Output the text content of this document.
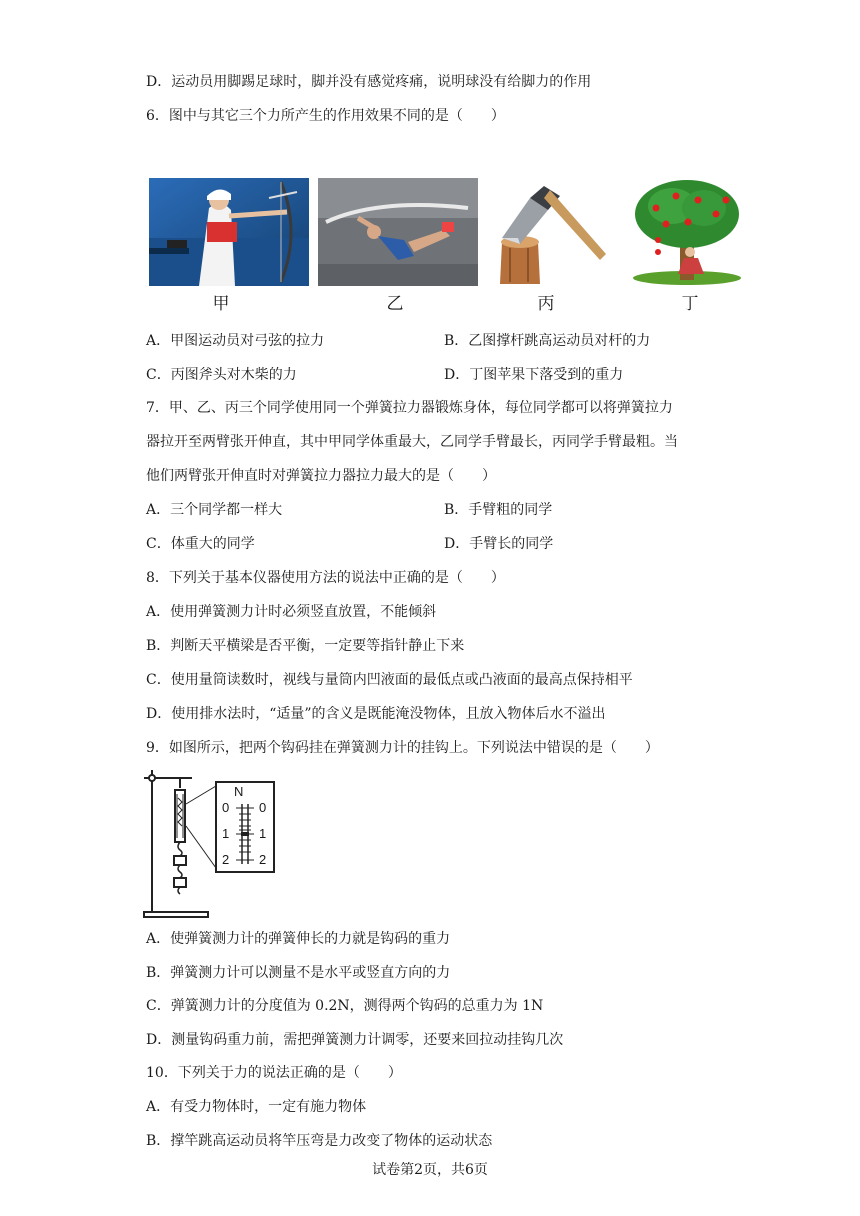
D．运动员用脚踢足球时，脚并没有感觉疼痛，说明球没有给脚力的作用
6．图中与其它三个力所产生的作用效果不同的是（　　）
甲	乙	丙	丁
A．甲图运动员对弓弦的拉力	B．乙图撑杆跳高运动员对杆的力
C．丙图斧头对木柴的力	D．丁图苹果下落受到的重力
7．甲、乙、丙三个同学使用同一个弹簧拉力器锻炼身体，每位同学都可以将弹簧拉力
器拉开至两臂张开伸直，其中甲同学体重最大，乙同学手臂最长，丙同学手臂最粗。当
他们两臂张开伸直时对弹簧拉力器拉力最大的是（　　）
A．三个同学都一样大	B．手臂粗的同学
C．体重大的同学	D．手臂长的同学
8．下列关于基本仪器使用方法的说法中正确的是（　　）
A．使用弹簧测力计时必须竖直放置，不能倾斜
B．判断天平横梁是否平衡，一定要等指针静止下来
C．使用量筒读数时，视线与量筒内凹液面的最低点或凸液面的最高点保持相平
D．使用排水法时，“适量”的含义是既能淹没物体，且放入物体后水不溢出
9．如图所示，把两个钩码挂在弹簧测力计的挂钩上。下列说法中错误的是（　　）
N
0
1
2
0
1
2
A．使弹簧测力计的弹簧伸长的力就是钩码的重力
B．弹簧测力计可以测量不是水平或竖直方向的力
C．弹簧测力计的分度值为 0.2N，测得两个钩码的总重力为 1N
D．测量钩码重力前，需把弹簧测力计调零，还要来回拉动挂钩几次
10．下列关于力的说法正确的是（　　）
A．有受力物体时，一定有施力物体
B．撑竿跳高运动员将竿压弯是力改变了物体的运动状态
试卷第2页，共6页
